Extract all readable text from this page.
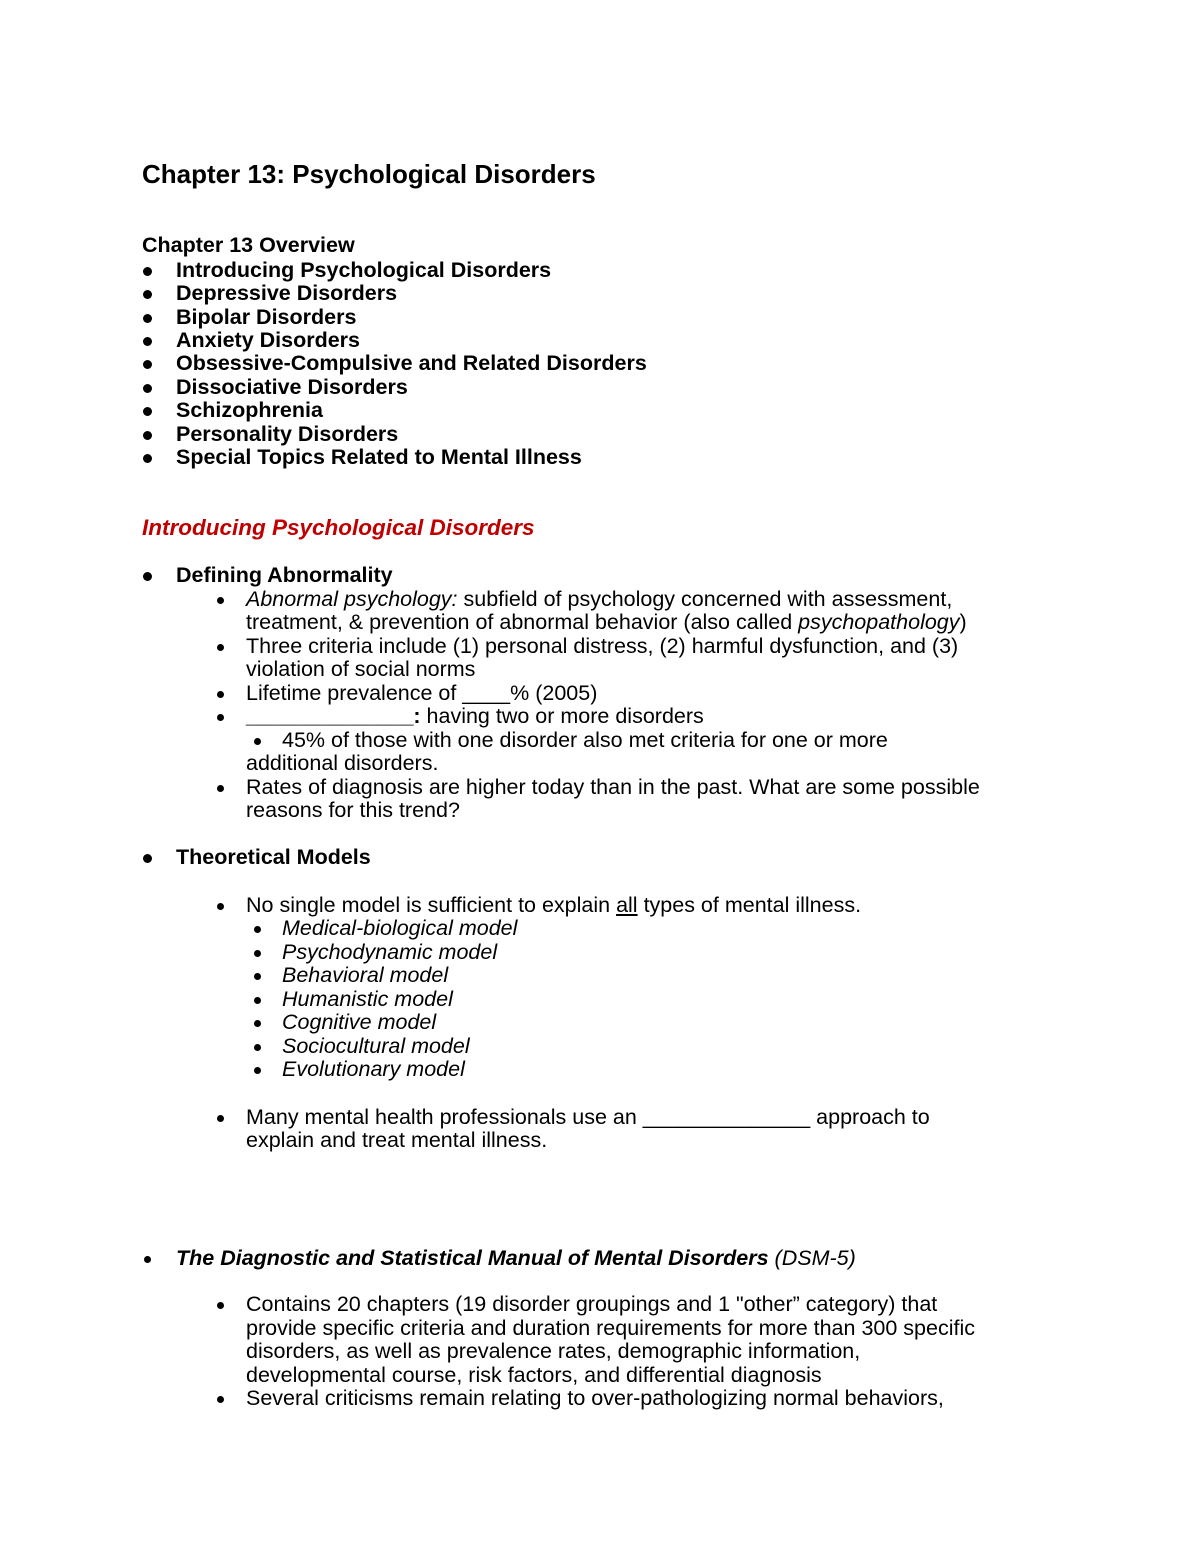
Chapter 13: Psychological Disorders
Chapter 13 Overview
Introducing Psychological Disorders
Depressive Disorders
Bipolar Disorders
Anxiety Disorders
Obsessive-Compulsive and Related Disorders
Dissociative Disorders
Schizophrenia
Personality Disorders
Special Topics Related to Mental Illness
Introducing Psychological Disorders
Defining Abnormality
Abnormal psychology: subfield of psychology concerned with assessment,
treatment, & prevention of abnormal behavior (also called psychopathology)
Three criteria include (1) personal distress, (2) harmful dysfunction, and (3)
violation of social norms
Lifetime prevalence of ____% (2005)
______________: having two or more disorders
45% of those with one disorder also met criteria for one or more
additional disorders.
Rates of diagnosis are higher today than in the past. What are some possible
reasons for this trend?
Theoretical Models
No single model is sufficient to explain all types of mental illness.
Medical-biological model
Psychodynamic model
Behavioral model
Humanistic model
Cognitive model
Sociocultural model
Evolutionary model
Many mental health professionals use an ______________ approach to
explain and treat mental illness.
The Diagnostic and Statistical Manual of Mental Disorders (DSM-5)
Contains 20 chapters (19 disorder groupings and 1 "other” category) that
provide specific criteria and duration requirements for more than 300 specific
disorders, as well as prevalence rates, demographic information,
developmental course, risk factors, and differential diagnosis
Several criticisms remain relating to over-pathologizing normal behaviors,
